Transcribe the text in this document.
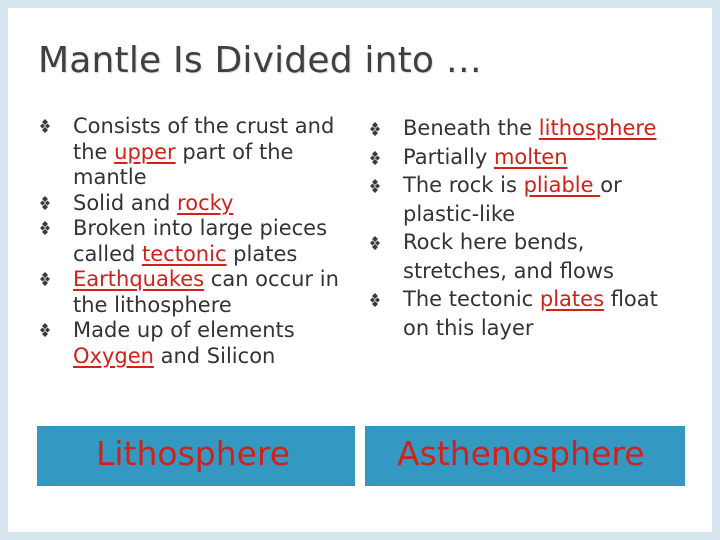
Mantle Is Divided into …
Consists of the crust and the upper part of the mantle
Solid and rocky
Broken into large pieces called tectonic plates
Earthquakes can occur in the lithosphere
Made up of elements Oxygen and Silicon
Beneath the lithosphere
Partially molten
The rock is pliable or plastic-like
Rock here bends, stretches, and flows
The tectonic plates float on this layer
Lithosphere	Asthenosphere
